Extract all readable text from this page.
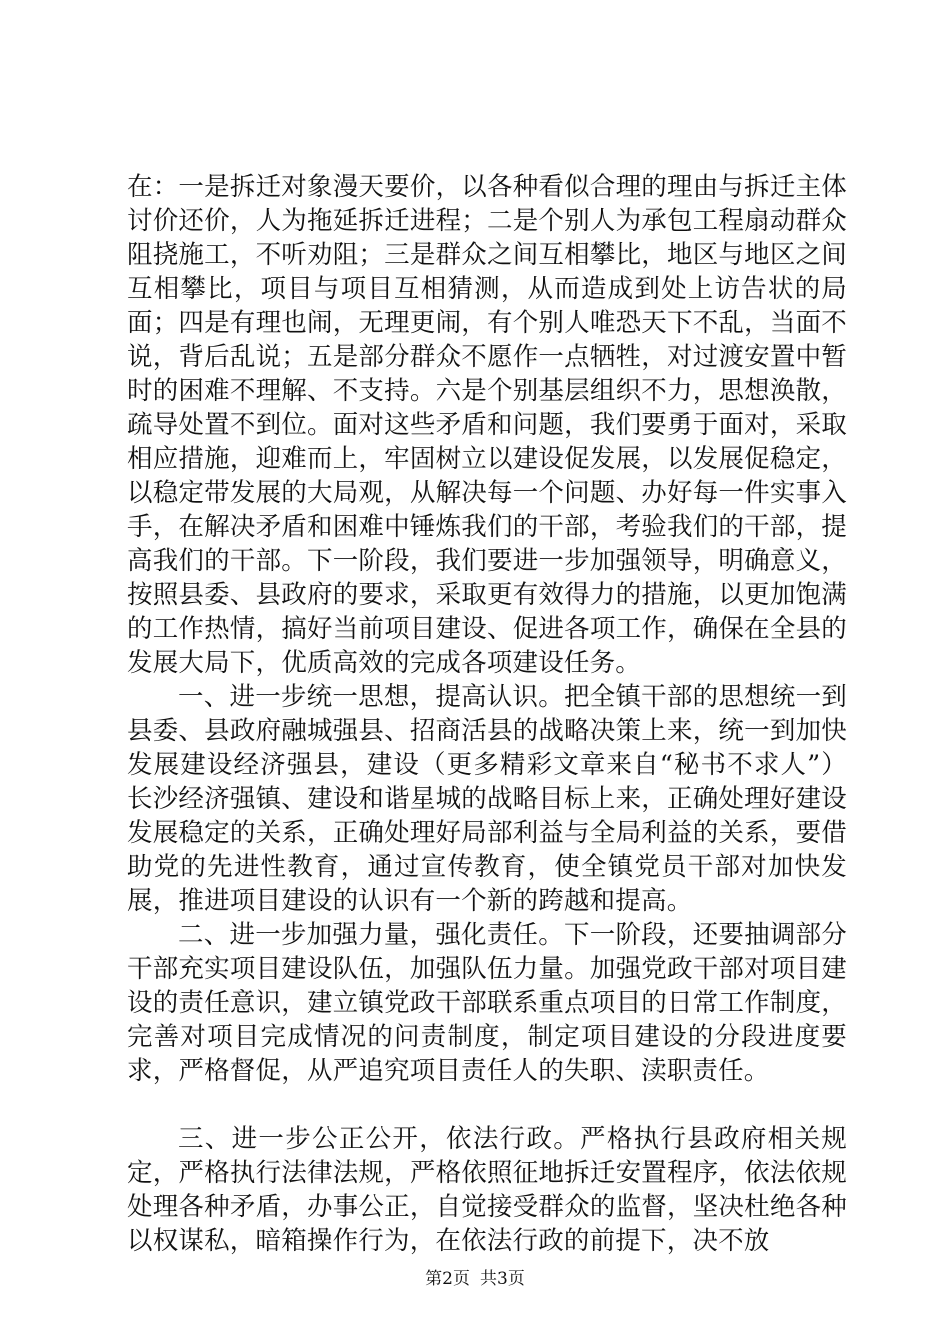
在：一是拆迁对象漫天要价，以各种看似合理的理由与拆迁主体讨价还价，人为拖延拆迁进程；二是个别人为承包工程扇动群众阻挠施工，不听劝阻；三是群众之间互相攀比，地区与地区之间互相攀比，项目与项目互相猜测，从而造成到处上访告状的局面；四是有理也闹，无理更闹，有个别人唯恐天下不乱，当面不说，背后乱说；五是部分群众不愿作一点牺牲，对过渡安置中暂时的困难不理解、不支持。六是个别基层组织不力，思想涣散，疏导处置不到位。面对这些矛盾和问题，我们要勇于面对，采取相应措施，迎难而上，牢固树立以建设促发展，以发展促稳定，以稳定带发展的大局观，从解决每一个问题、办好每一件实事入手，在解决矛盾和困难中锤炼我们的干部，考验我们的干部，提高我们的干部。下一阶段，我们要进一步加强领导，明确意义，按照县委、县政府的要求，采取更有效得力的措施，以更加饱满的工作热情，搞好当前项目建设、促进各项工作，确保在全县的发展大局下，优质高效的完成各项建设任务。

一、进一步统一思想，提高认识。把全镇干部的思想统一到县委、县政府融城强县、招商活县的战略决策上来，统一到加快发展建设经济强县，建设（更多精彩文章来自“秘书不求人”）长沙经济强镇、建设和谐星城的战略目标上来，正确处理好建设发展稳定的关系，正确处理好局部利益与全局利益的关系，要借助党的先进性教育，通过宣传教育，使全镇党员干部对加快发展，推进项目建设的认识有一个新的跨越和提高。

二、进一步加强力量，强化责任。下一阶段，还要抽调部分干部充实项目建设队伍，加强队伍力量。加强党政干部对项目建设的责任意识，建立镇党政干部联系重点项目的日常工作制度，完善对项目完成情况的问责制度，制定项目建设的分段进度要求，严格督促，从严追究项目责任人的失职、渎职责任。

三、进一步公正公开，依法行政。严格执行县政府相关规定，严格执行法律法规，严格依照征地拆迁安置程序，依法依规处理各种矛盾，办事公正，自觉接受群众的监督，坚决杜绝各种以权谋私，暗箱操作行为，在依法行政的前提下，决不放

第2页 共3页
